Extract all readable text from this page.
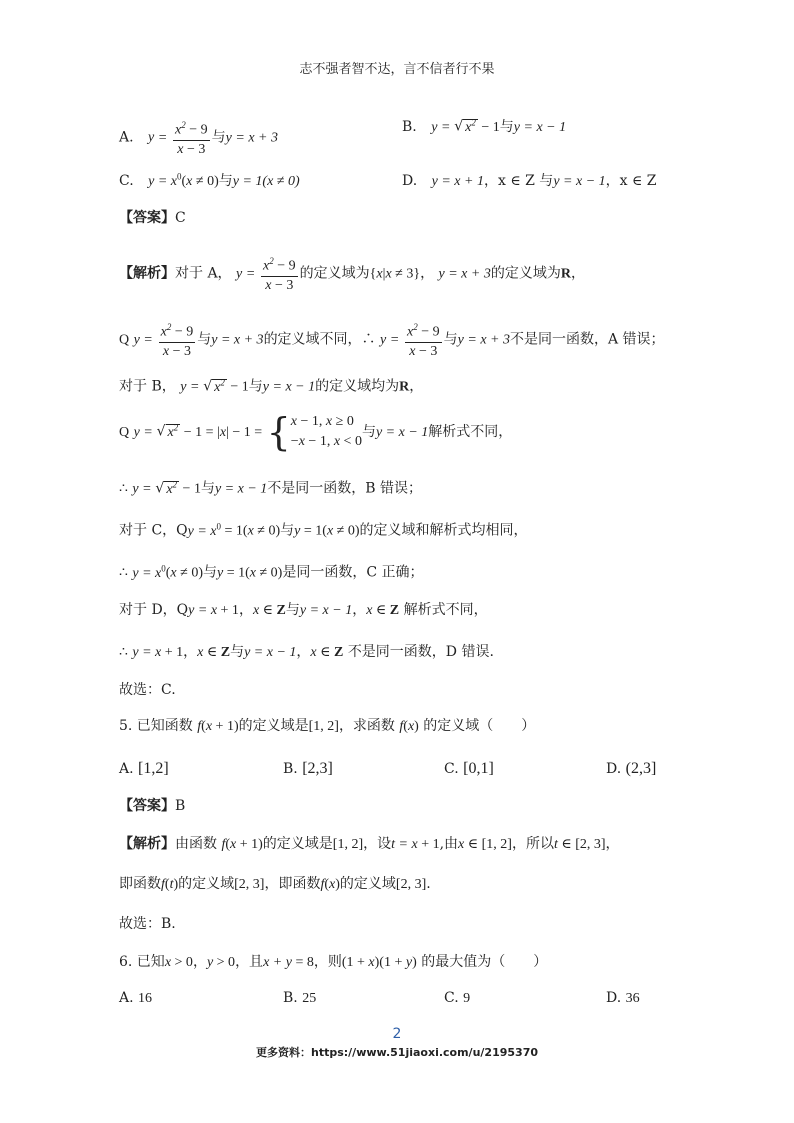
志不强者智不达，言不信者行不果
A. $y = \frac{x^2 - 9}{x - 3}$ 与y = x + 3
B. y = √ $x^2 - 1$与y = x − 1
C. $y = x^0(x \ne 0)$与y = 1(x ≠ 0)	D. y = x + 1，x ∈ Z 与y = x − 1，x ∈ Z
【答案】C
【解析】对于 A， $y = \frac{x^2 - 9}{x - 3}$ 的定义域为{x|x ≠ 3}， y = x + 3的定义域为R，
Q $y = \frac{x^2 - 9}{x - 3}$ 与y = x + 3的定义域不同，∴ $y = \frac{x^2 - 9}{x - 3}$ 与y = x + 3不是同一函数，A 错误；
对于 B， y = √ $x^2 - 1$与y = x − 1的定义域均为R，
Q y = √ $x^2 - 1 = |x| - 1$ = { x − 1, x ≥ 0
−x − 1, x < 0
与y = x − 1解析式不同，
∴ y = √ $x^2 - 1$与y = x − 1不是同一函数，B 错误；
对于 C，$Qy = x^0 = 1(x \ne 0)$与y = 1(x ≠ 0)的定义域和解析式均相同，
∴ $y = x^0(x \ne 0)$与y = 1(x ≠ 0)是同一函数，C 正确；
对于 D，Qy = x + 1，x ∈ Z与y = x − 1，x ∈ Z 解析式不同，
∴ y = x + 1，x ∈ Z与y = x − 1，x ∈ Z 不是同一函数，D 错误.
故选：C.
5. 已知函数 f(x + 1)的定义域是[1, 2]，求函数 f(x) 的定义域（　　）
A. [1,2]	B. [2,3]	C. [0,1]	D. (2,3]
【答案】B
【解析】由函数 f(x + 1)的定义域是[1, 2]，设t = x + 1,由x ∈ [1, 2]，所以t ∈ [2, 3]，
即函数f(t)的定义域[2, 3]，即函数f(x)的定义域[2, 3].
故选：B.
6. 已知x > 0，y > 0，且x + y = 8，则(1 + x)(1 + y) 的最大值为（　　）
A. 16	B. 25	C. 9	D. 36
2
更多资料：https://www.51jiaoxi.com/u/2195370
